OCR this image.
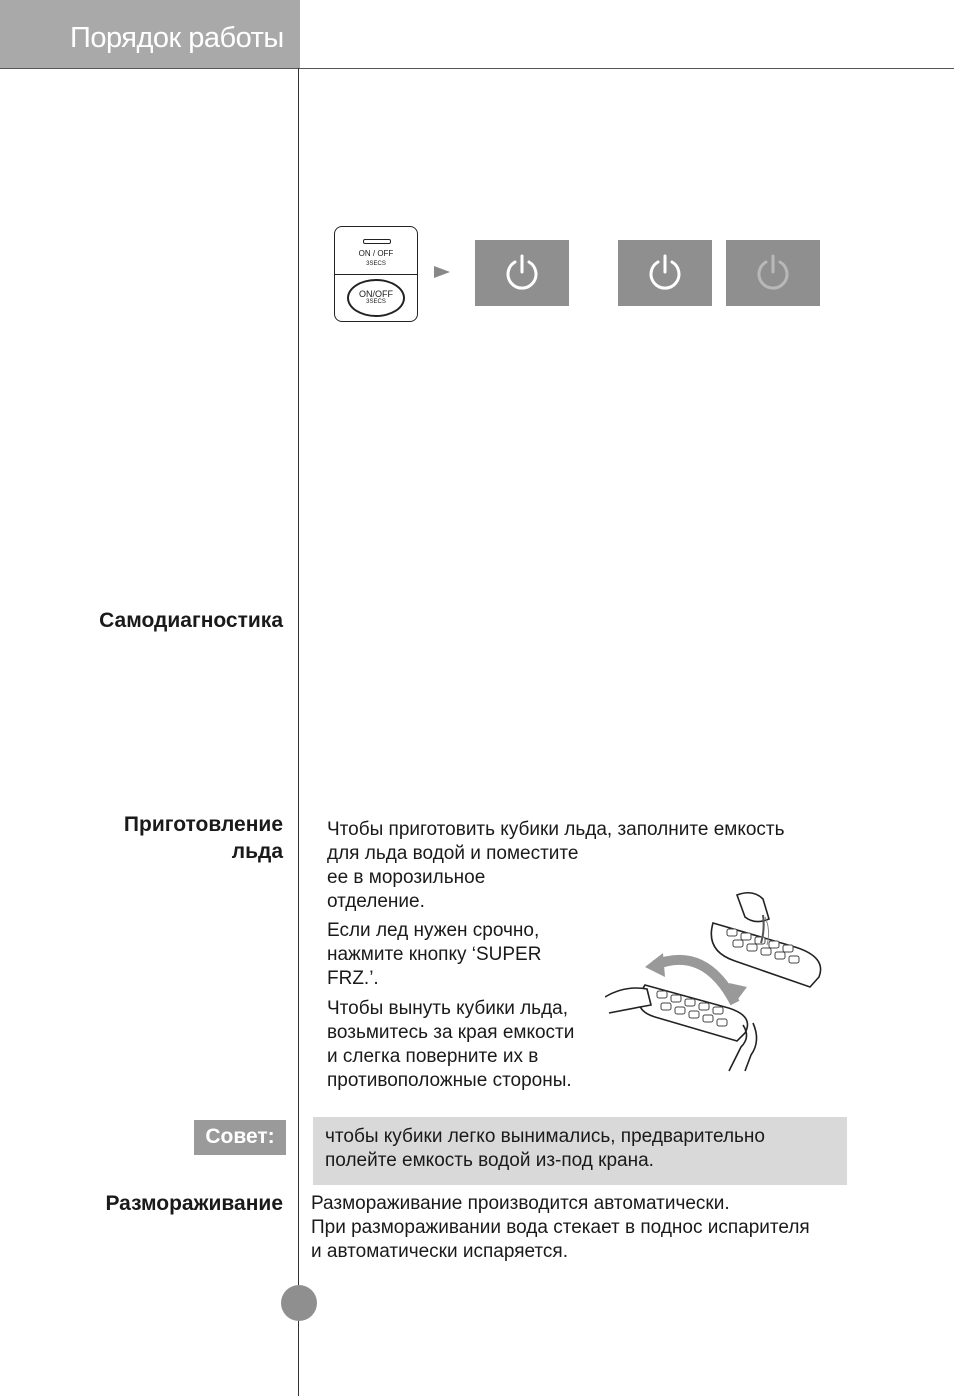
Порядок работы
ON / OFF
3SECS
ON/OFF
3SECS
Самодиагностика
Приготовление
льда
Чтобы приготовить кубики льда, заполните емкость
для льда водой и поместите
ее в морозильное
отделение.
Если лед нужен срочно,
нажмите кнопку ‘SUPER
FRZ.’.
Чтобы вынуть кубики льда,
возьмитесь за края емкости
и слегка поверните их в
противоположные стороны.
Совет:	чтобы кубики легко вынимались, предварительно
полейте емкость водой из-под крана.
Размораживание Размораживание производится автоматически.
При размораживании вода стекает в поднос испарителя
и автоматически испаряется.
